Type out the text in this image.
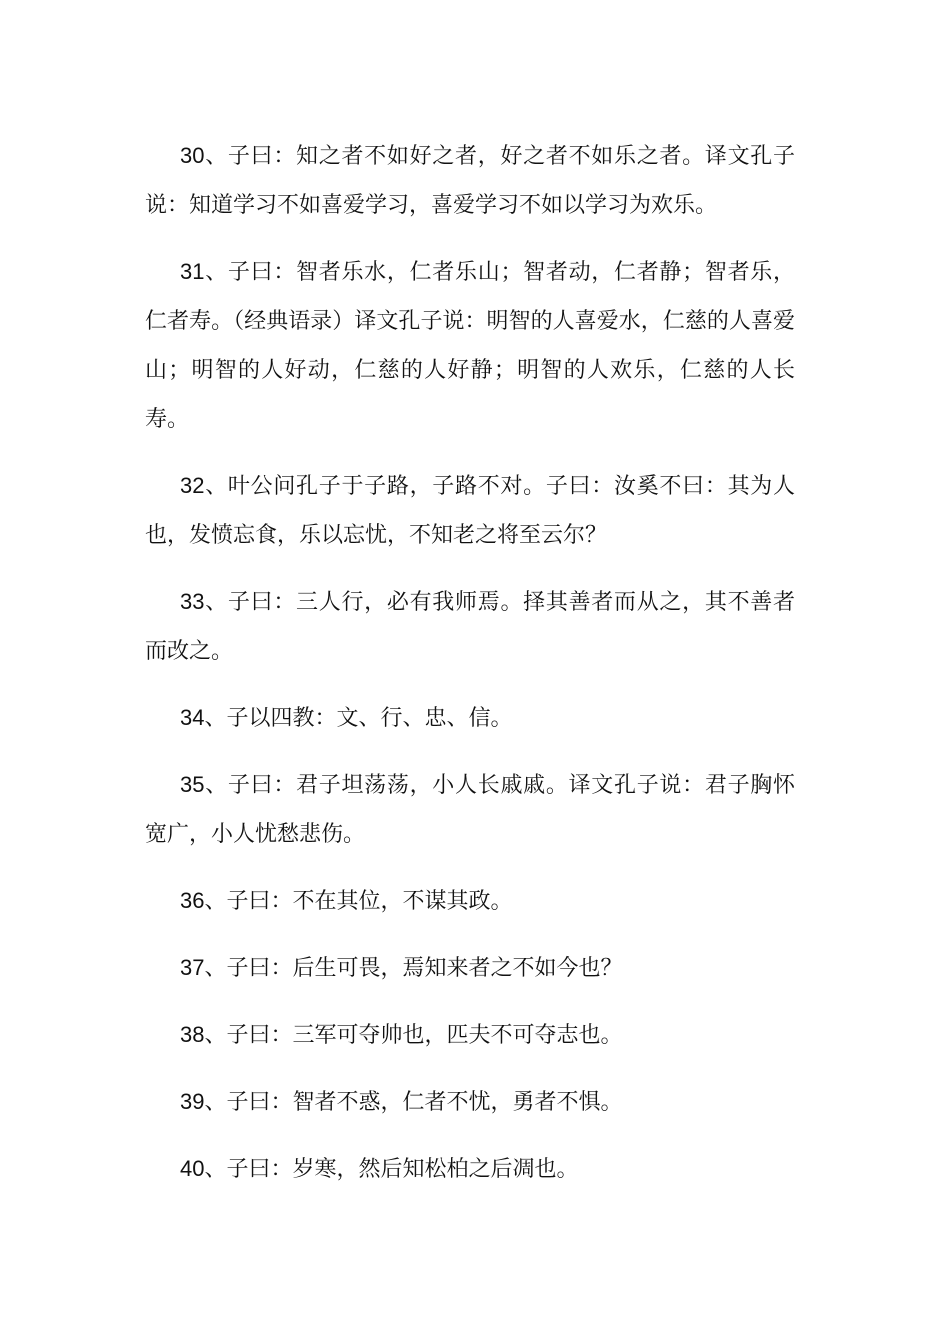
30、子曰：知之者不如好之者，好之者不如乐之者。译文孔子说：知道学习不如喜爱学习，喜爱学习不如以学习为欢乐。

31、子曰：智者乐水，仁者乐山；智者动，仁者静；智者乐，仁者寿。（经典语录）译文孔子说：明智的人喜爱水，仁慈的人喜爱山；明智的人好动，仁慈的人好静；明智的人欢乐，仁慈的人长寿。

32、叶公问孔子于子路，子路不对。子曰：汝奚不曰：其为人也，发愤忘食，乐以忘忧，不知老之将至云尔？

33、子曰：三人行，必有我师焉。择其善者而从之，其不善者而改之。

34、子以四教：文、行、忠、信。

35、子曰：君子坦荡荡，小人长戚戚。译文孔子说：君子胸怀宽广，小人忧愁悲伤。

36、子曰：不在其位，不谋其政。

37、子曰：后生可畏，焉知来者之不如今也？

38、子曰：三军可夺帅也，匹夫不可夺志也。

39、子曰：智者不惑，仁者不忧，勇者不惧。

40、子曰：岁寒，然后知松柏之后凋也。
